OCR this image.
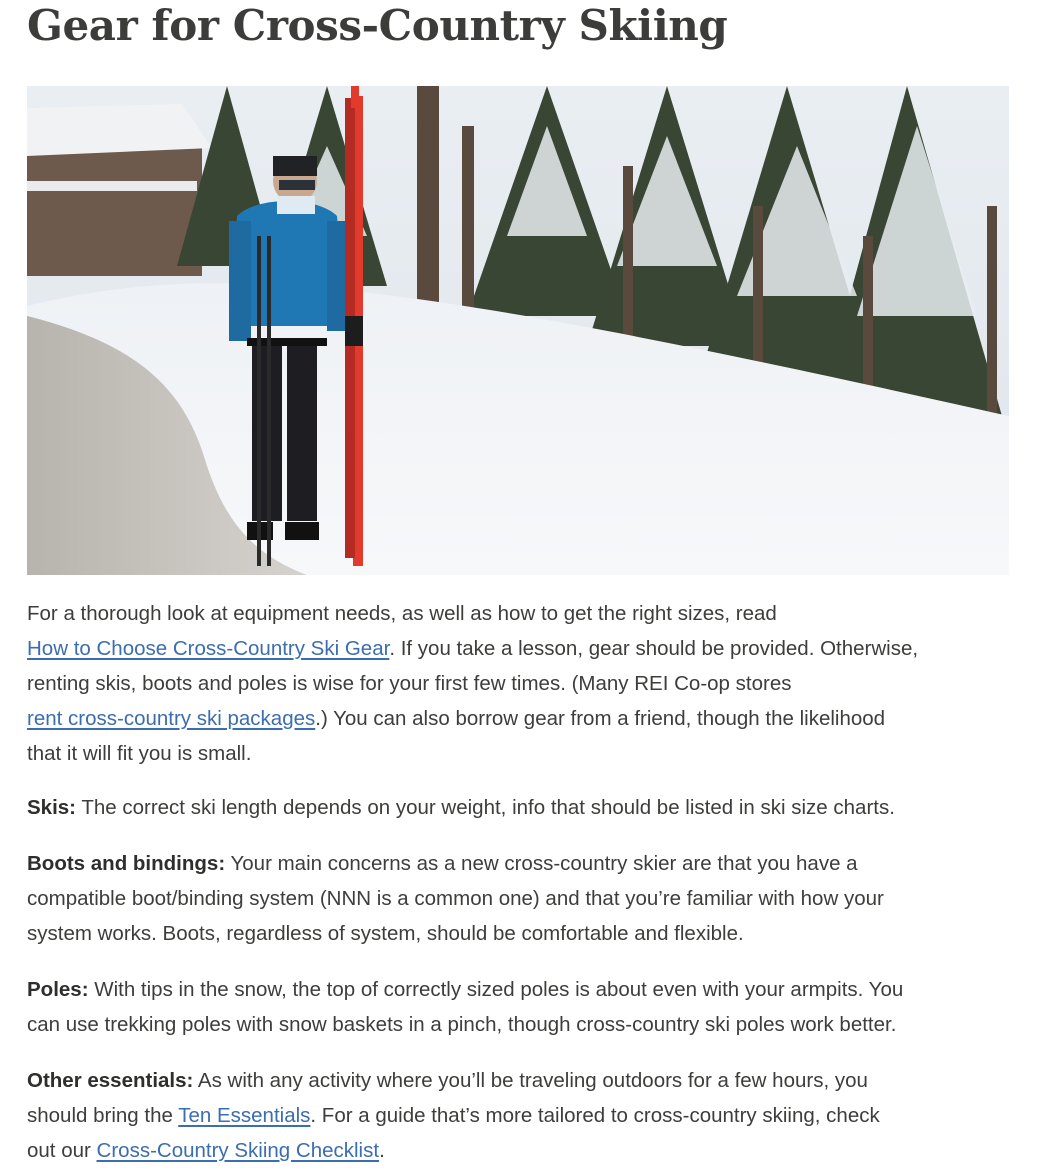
Gear for Cross-Country Skiing

For a thorough look at equipment needs, as well as how to get the right sizes, read
How to Choose Cross-Country Ski Gear. If you take a lesson, gear should be provided. Otherwise,
renting skis, boots and poles is wise for your first few times. (Many REI Co-op stores
rent cross-country ski packages.) You can also borrow gear from a friend, though the likelihood
that it will fit you is small.

Skis: The correct ski length depends on your weight, info that should be listed in ski size charts.

Boots and bindings: Your main concerns as a new cross-country skier are that you have a
compatible boot/binding system (NNN is a common one) and that you’re familiar with how your
system works. Boots, regardless of system, should be comfortable and flexible.

Poles: With tips in the snow, the top of correctly sized poles is about even with your armpits. You
can use trekking poles with snow baskets in a pinch, though cross-country ski poles work better.

Other essentials: As with any activity where you’ll be traveling outdoors for a few hours, you
should bring the Ten Essentials. For a guide that’s more tailored to cross-country skiing, check
out our Cross-Country Skiing Checklist.
